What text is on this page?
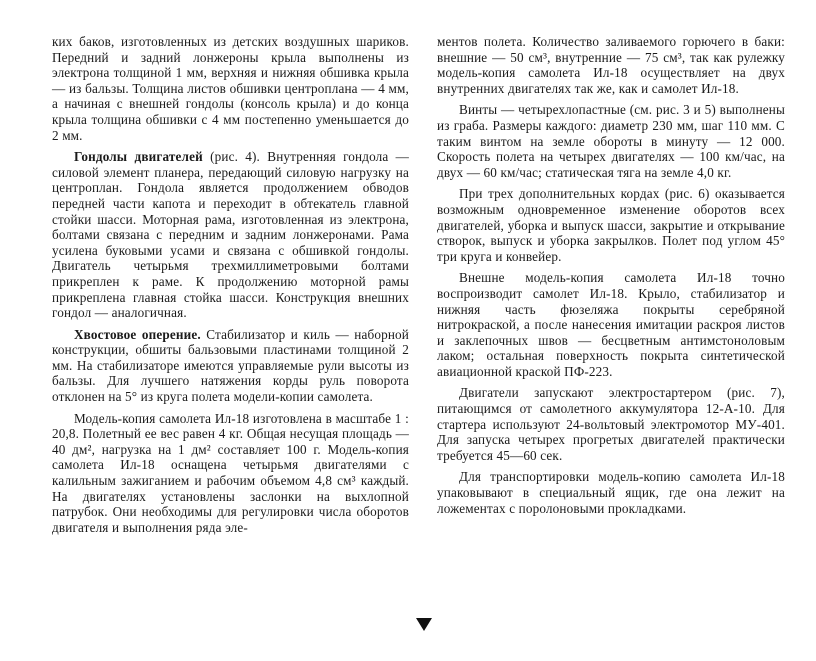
ких баков, изготовленных из детских воздушных шариков. Передний и задний лонжероны крыла выполнены из электрона толщиной 1 мм, верхняя и нижняя обшивка крыла — из бальзы. Толщина листов обшивки центроплана — 4 мм, а начиная с внешней гондолы (консоль крыла) и до конца крыла толщина обшивки с 4 мм постепенно уменьшается до 2 мм.

Гондолы двигателей (рис. 4). Внутренняя гондола — силовой элемент планера, передающий силовую нагрузку на центроплан. Гондола является продолжением обводов передней части капота и переходит в обтекатель главной стойки шасси. Моторная рама, изготовленная из электрона, болтами связана с передним и задним лонжеронами. Рама усилена буковыми усами и связана с обшивкой гондолы. Двигатель четырьмя трехмиллиметровыми болтами прикреплен к раме. К продолжению моторной рамы прикреплена главная стойка шасси. Конструкция внешних гондол — аналогичная.

Хвостовое оперение. Стабилизатор и киль — наборной конструкции, обшиты бальзовыми пластинами толщиной 2 мм. На стабилизаторе имеются управляемые рули высоты из бальзы. Для лучшего натяжения корды руль поворота отклонен на 5° из круга полета модели-копии самолета.

Модель-копия самолета Ил-18 изготовлена в масштабе 1 : 20,8. Полетный ее вес равен 4 кг. Общая несущая площадь — 40 дм², нагрузка на 1 дм² составляет 100 г. Модель-копия самолета Ил-18 оснащена четырьмя двигателями с калильным зажиганием и рабочим объемом 4,8 см³ каждый. На двигателях установлены заслонки на выхлопной патрубок. Они необходимы для регулировки числа оборотов двигателя и выполнения ряда эле-

ментов полета. Количество заливаемого горючего в баки: внешние — 50 см³, внутренние — 75 см³, так как рулежку модель-копия самолета Ил-18 осуществляет на двух внутренних двигателях так же, как и самолет Ил-18.

Винты — четырехлопастные (см. рис. 3 и 5) выполнены из граба. Размеры каждого: диаметр 230 мм, шаг 110 мм. С таким винтом на земле обороты в минуту — 12 000. Скорость полета на четырех двигателях — 100 км/час, на двух — 60 км/час; статическая тяга на земле 4,0 кг.

При трех дополнительных кордах (рис. 6) оказывается возможным одновременное изменение оборотов всех двигателей, уборка и выпуск шасси, закрытие и открывание створок, выпуск и уборка закрылков. Полет под углом 45° три круга и конвейер.

Внешне модель-копия самолета Ил-18 точно воспроизводит самолет Ил-18. Крыло, стабилизатор и нижняя часть фюзеляжа покрыты серебряной нитрокраской, а после нанесения имитации раскроя листов и заклепочных швов — бесцветным антимстоноловым лаком; остальная поверхность покрыта синтетической авиационной краской ПФ-223.

Двигатели запускают электростартером (рис. 7), питающимся от самолетного аккумулятора 12-А-10. Для стартера используют 24-вольтовый электромотор МУ-401. Для запуска четырех прогретых двигателей практически требуется 45—60 сек.

Для транспортировки модель-копию самолета Ил-18 упаковывают в специальный ящик, где она лежит на ложементах с поролоновыми прокладками.
